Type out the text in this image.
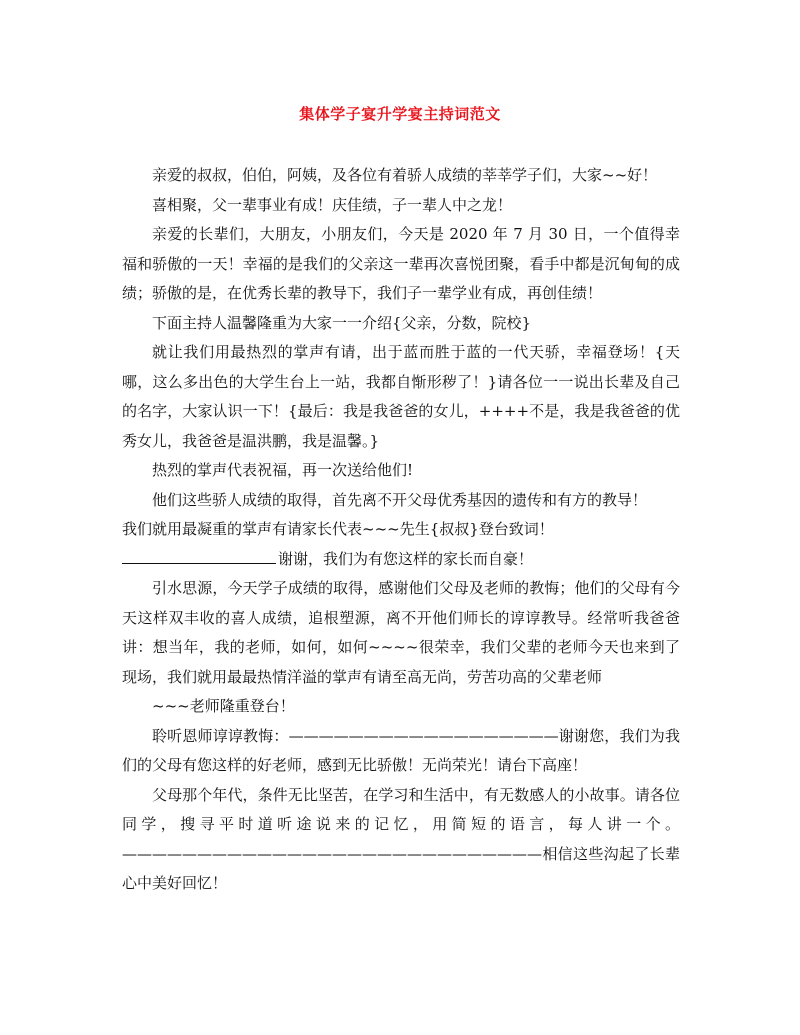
集体学子宴升学宴主持词范文

亲爱的叔叔，伯伯，阿姨，及各位有着骄人成绩的莘莘学子们，大家~~好！

喜相聚，父一辈事业有成！庆佳绩，子一辈人中之龙！

亲爱的长辈们，大朋友，小朋友们，今天是 2020 年 7 月 30 日，一个值得幸福和骄傲的一天！幸福的是我们的父亲这一辈再次喜悦团聚，看手中都是沉甸甸的成绩；骄傲的是，在优秀长辈的教导下，我们子一辈学业有成，再创佳绩！

下面主持人温馨隆重为大家一一介绍{父亲，分数，院校}

就让我们用最热烈的掌声有请，出于蓝而胜于蓝的一代天骄，幸福登场！{天哪，这么多出色的大学生台上一站，我都自惭形秽了！}请各位一一说出长辈及自己的名字，大家认识一下！{最后：我是我爸爸的女儿，++++不是，我是我爸爸的优秀女儿，我爸爸是温洪鹏，我是温馨。}

热烈的掌声代表祝福，再一次送给他们!

他们这些骄人成绩的取得，首先离不开父母优秀基因的遗传和有方的教导！

我们就用最凝重的掌声有请家长代表~~~先生{叔叔}登台致词！

谢谢，我们为有您这样的家长而自豪！

引水思源，今天学子成绩的取得，感谢他们父母及老师的教悔；他们的父母有今天这样双丰收的喜人成绩，追根塑源，离不开他们师长的谆谆教导。经常听我爸爸讲：想当年，我的老师，如何，如何~~~~很荣幸，我们父辈的老师今天也来到了现场，我们就用最最热情洋溢的掌声有请至高无尚，劳苦功高的父辈老师

~~~老师隆重登台！

聆听恩师谆谆教悔：——————————————————谢谢您，我们为我们的父母有您这样的好老师，感到无比骄傲！无尚荣光！请台下高座！

父母那个年代，条件无比坚苦，在学习和生活中，有无数感人的小故事。请各位同学，搜寻平时道听途说来的记忆，用简短的语言，每人讲一个。————————————————————————————相信这些沟起了长辈心中美好回忆！
